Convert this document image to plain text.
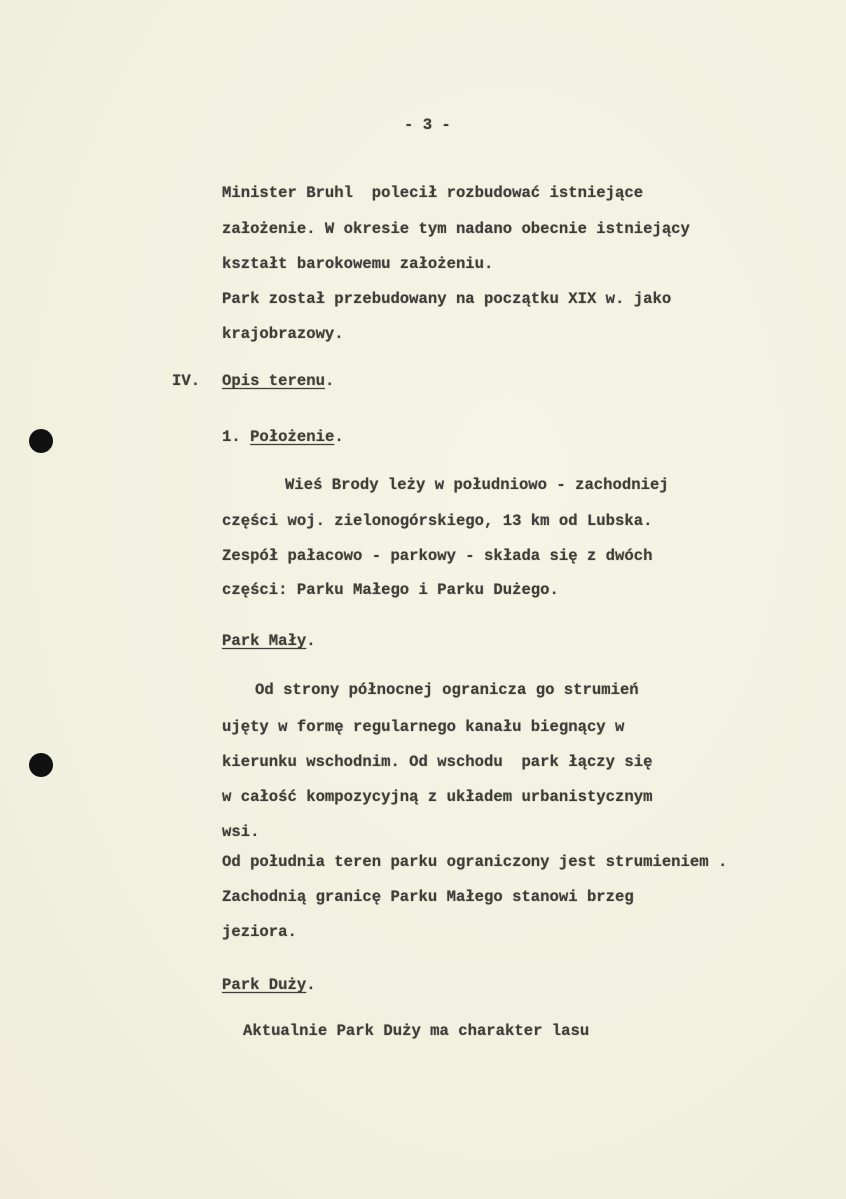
- 3 -
Minister Bruhl  polecił rozbudować istniejące
założenie. W okresie tym nadano obecnie istniejący
kształt barokowemu założeniu.
Park został przebudowany na początku XIX w. jako
krajobrazowy.
IV. Opis terenu.
1. Położenie.
Wieś Brody leży w południowo - zachodniej
części woj. zielonogórskiego, 13 km od Lubska.
Zespół pałacowo - parkowy - składa się z dwóch
części: Parku Małego i Parku Dużego.
Park Mały.
Od strony północnej ogranicza go strumień
ujęty w formę regularnego kanału biegnący w
kierunku wschodnim. Od wschodu  park łączy się
w całość kompozycyjną z układem urbanistycznym
wsi.
Od południa teren parku ograniczony jest strumieniem .
Zachodnią granicę Parku Małego stanowi brzeg
jeziora.
Park Duży.
Aktualnie Park Duży ma charakter lasu
